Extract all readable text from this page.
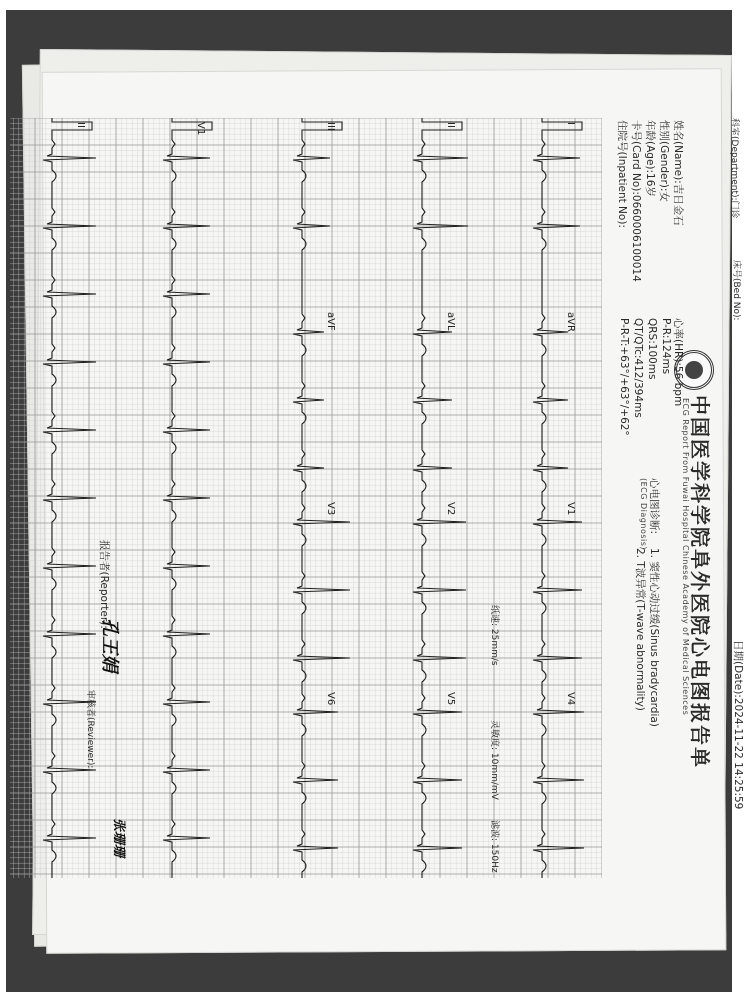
科室(Department):门诊
床号(Bed No):
日期(Date):2024-11-22 14:25:59
中国医学科学院阜外医院心电图报告单
ECG Report From Fuwai Hospital Chinese Academy of Medical Sciences
姓名(Name):吉日金石
性别(Gender):女
年龄(Age):16岁
卡号(Card No):0660006100014
住院号(Inpatient No):
心率(HR):56 bpm
P-R:124ms
QRS:100ms
QT/QTc:412/394ms
P-R-T:+63°/+63°/+62°
心电图诊断:
(ECG Diagnosis)
1. 窦性心动过缓(Sinus bradycardia)
2. T波异常(T-wave abnormality)
I
aVR
V1
V4
II
aVL
V2
V5
III
aVF
V3
V6
V1
II
纸速: 25mm/s
灵敏度: 10mm/mV
滤波: 150Hz
报告者(Reporter):
孔王娟
审核者(Reviewer):
张珊珊
